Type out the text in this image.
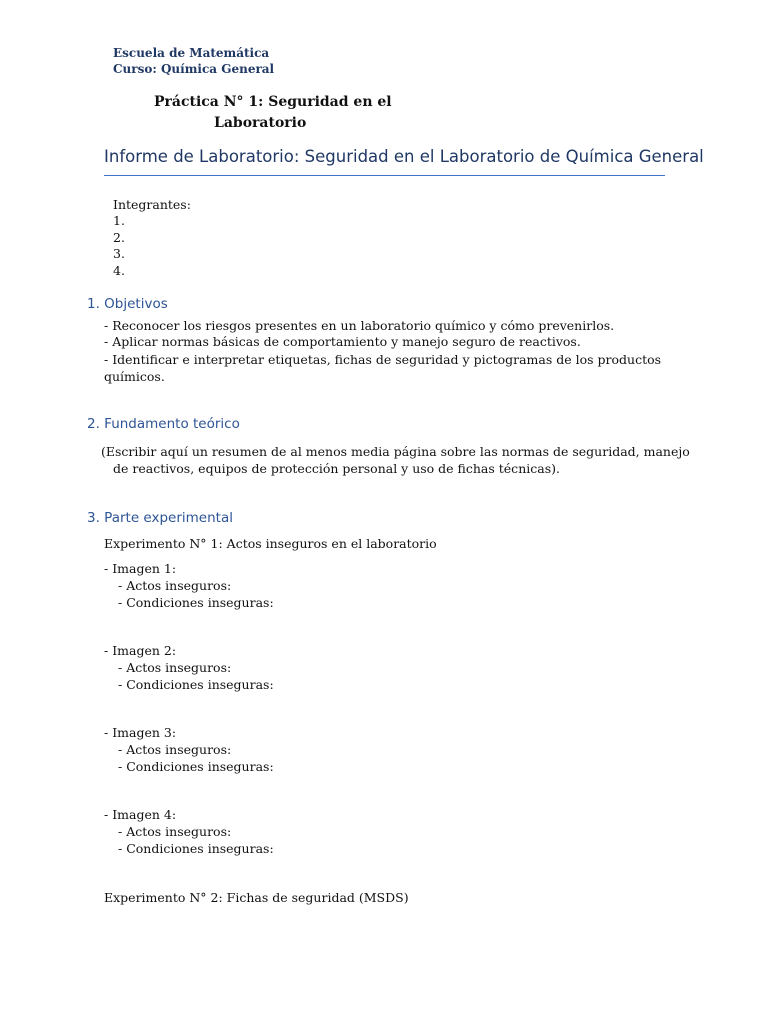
Escuela de Matemática
Curso: Química General
Práctica N° 1: Seguridad en el
Laboratorio
Informe de Laboratorio: Seguridad en el Laboratorio de Química General
Integrantes:
1.
2.
3.
4.
1. Objetivos
- Reconocer los riesgos presentes en un laboratorio químico y cómo prevenirlos.
- Aplicar normas básicas de comportamiento y manejo seguro de reactivos.
- Identificar e interpretar etiquetas, fichas de seguridad y pictogramas de los productos
químicos.
2. Fundamento teórico
(Escribir aquí un resumen de al menos media página sobre las normas de seguridad, manejo
de reactivos, equipos de protección personal y uso de fichas técnicas).
3. Parte experimental
Experimento N° 1: Actos inseguros en el laboratorio
- Imagen 1:
- Actos inseguros:
- Condiciones inseguras:
- Imagen 2:
- Actos inseguros:
- Condiciones inseguras:
- Imagen 3:
- Actos inseguros:
- Condiciones inseguras:
- Imagen 4:
- Actos inseguros:
- Condiciones inseguras:
Experimento N° 2: Fichas de seguridad (MSDS)
